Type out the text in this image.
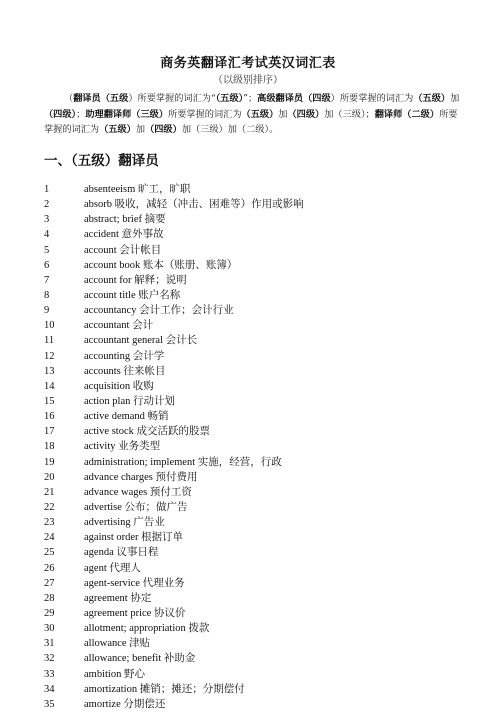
商务英翻译汇考试英汉词汇表
（以级别排序）
（翻译员（五级）所要掌握的词汇为“（五级）”；高级翻译员（四级）所要掌握的词汇为（五级）加（四级）；助理翻译师（三级）所要掌握的词汇为（五级）加（四级）加（三级）；翻译师（二级）所要掌握的词汇为（五级）加（四级）加（三级）加（二级）。
一、（五级）翻译员
1	absenteeism 旷工，旷职
2	absorb 吸收，减轻（冲击、困难等）作用或影响
3	abstract; brief 摘要
4	accident 意外事故
5	account 会计帐目
6	account book 账本（账册、账簿）
7	account for 解释；说明
8	account title 账户名称
9	accountancy 会计工作；会计行业
10	accountant 会计
11	accountant general 会计长
12	accounting 会计学
13	accounts 往来帐目
14	acquisition 收购
15	action plan 行动计划
16	active demand 畅销
17	active stock 成交活跃的股票
18	activity 业务类型
19	administration; implement 实施，经营，行政
20	advance charges 预付费用
21	advance wages 预付工资
22	advertise 公布；做广告
23	advertising 广告业
24	against order 根据订单
25	agenda 议事日程
26	agent 代理人
27	agent-service 代理业务
28	agreement 协定
29	agreement price 协议价
30	allotment; appropriation 拨款
31	allowance 津贴
32	allowance; benefit 补助金
33	ambition 野心
34	amortization 摊销；摊还；分期偿付
35	amortize 分期偿还
